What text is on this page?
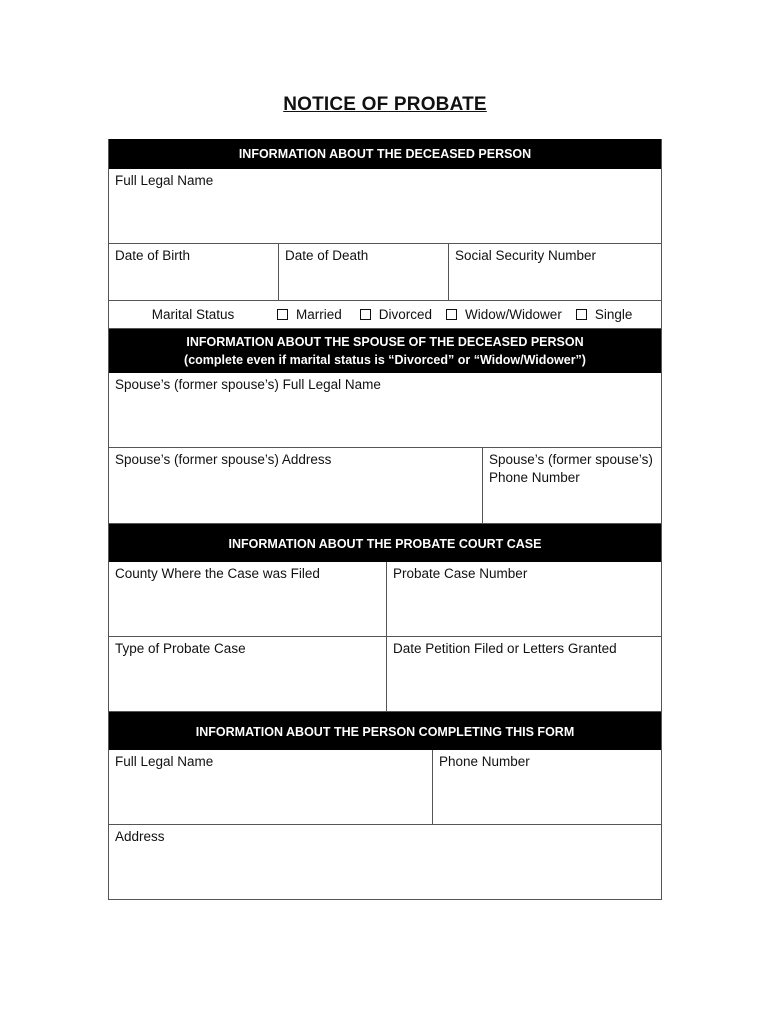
NOTICE OF PROBATE
INFORMATION ABOUT THE DECEASED PERSON
Full Legal Name
Date of Birth	Date of Death	Social Security Number
Marital Status	Married	Divorced Widow/Widower Single
INFORMATION ABOUT THE SPOUSE OF THE DECEASED PERSON
(complete even if marital status is “Divorced” or “Widow/Widower”)
Spouse’s (former spouse’s) Full Legal Name
Spouse’s (former spouse’s) Address	Spouse’s (former spouse’s)
Phone Number
INFORMATION ABOUT THE PROBATE COURT CASE
County Where the Case was Filed	Probate Case Number
Type of Probate Case	Date Petition Filed or Letters Granted
INFORMATION ABOUT THE PERSON COMPLETING THIS FORM
Full Legal Name	Phone Number
Address
